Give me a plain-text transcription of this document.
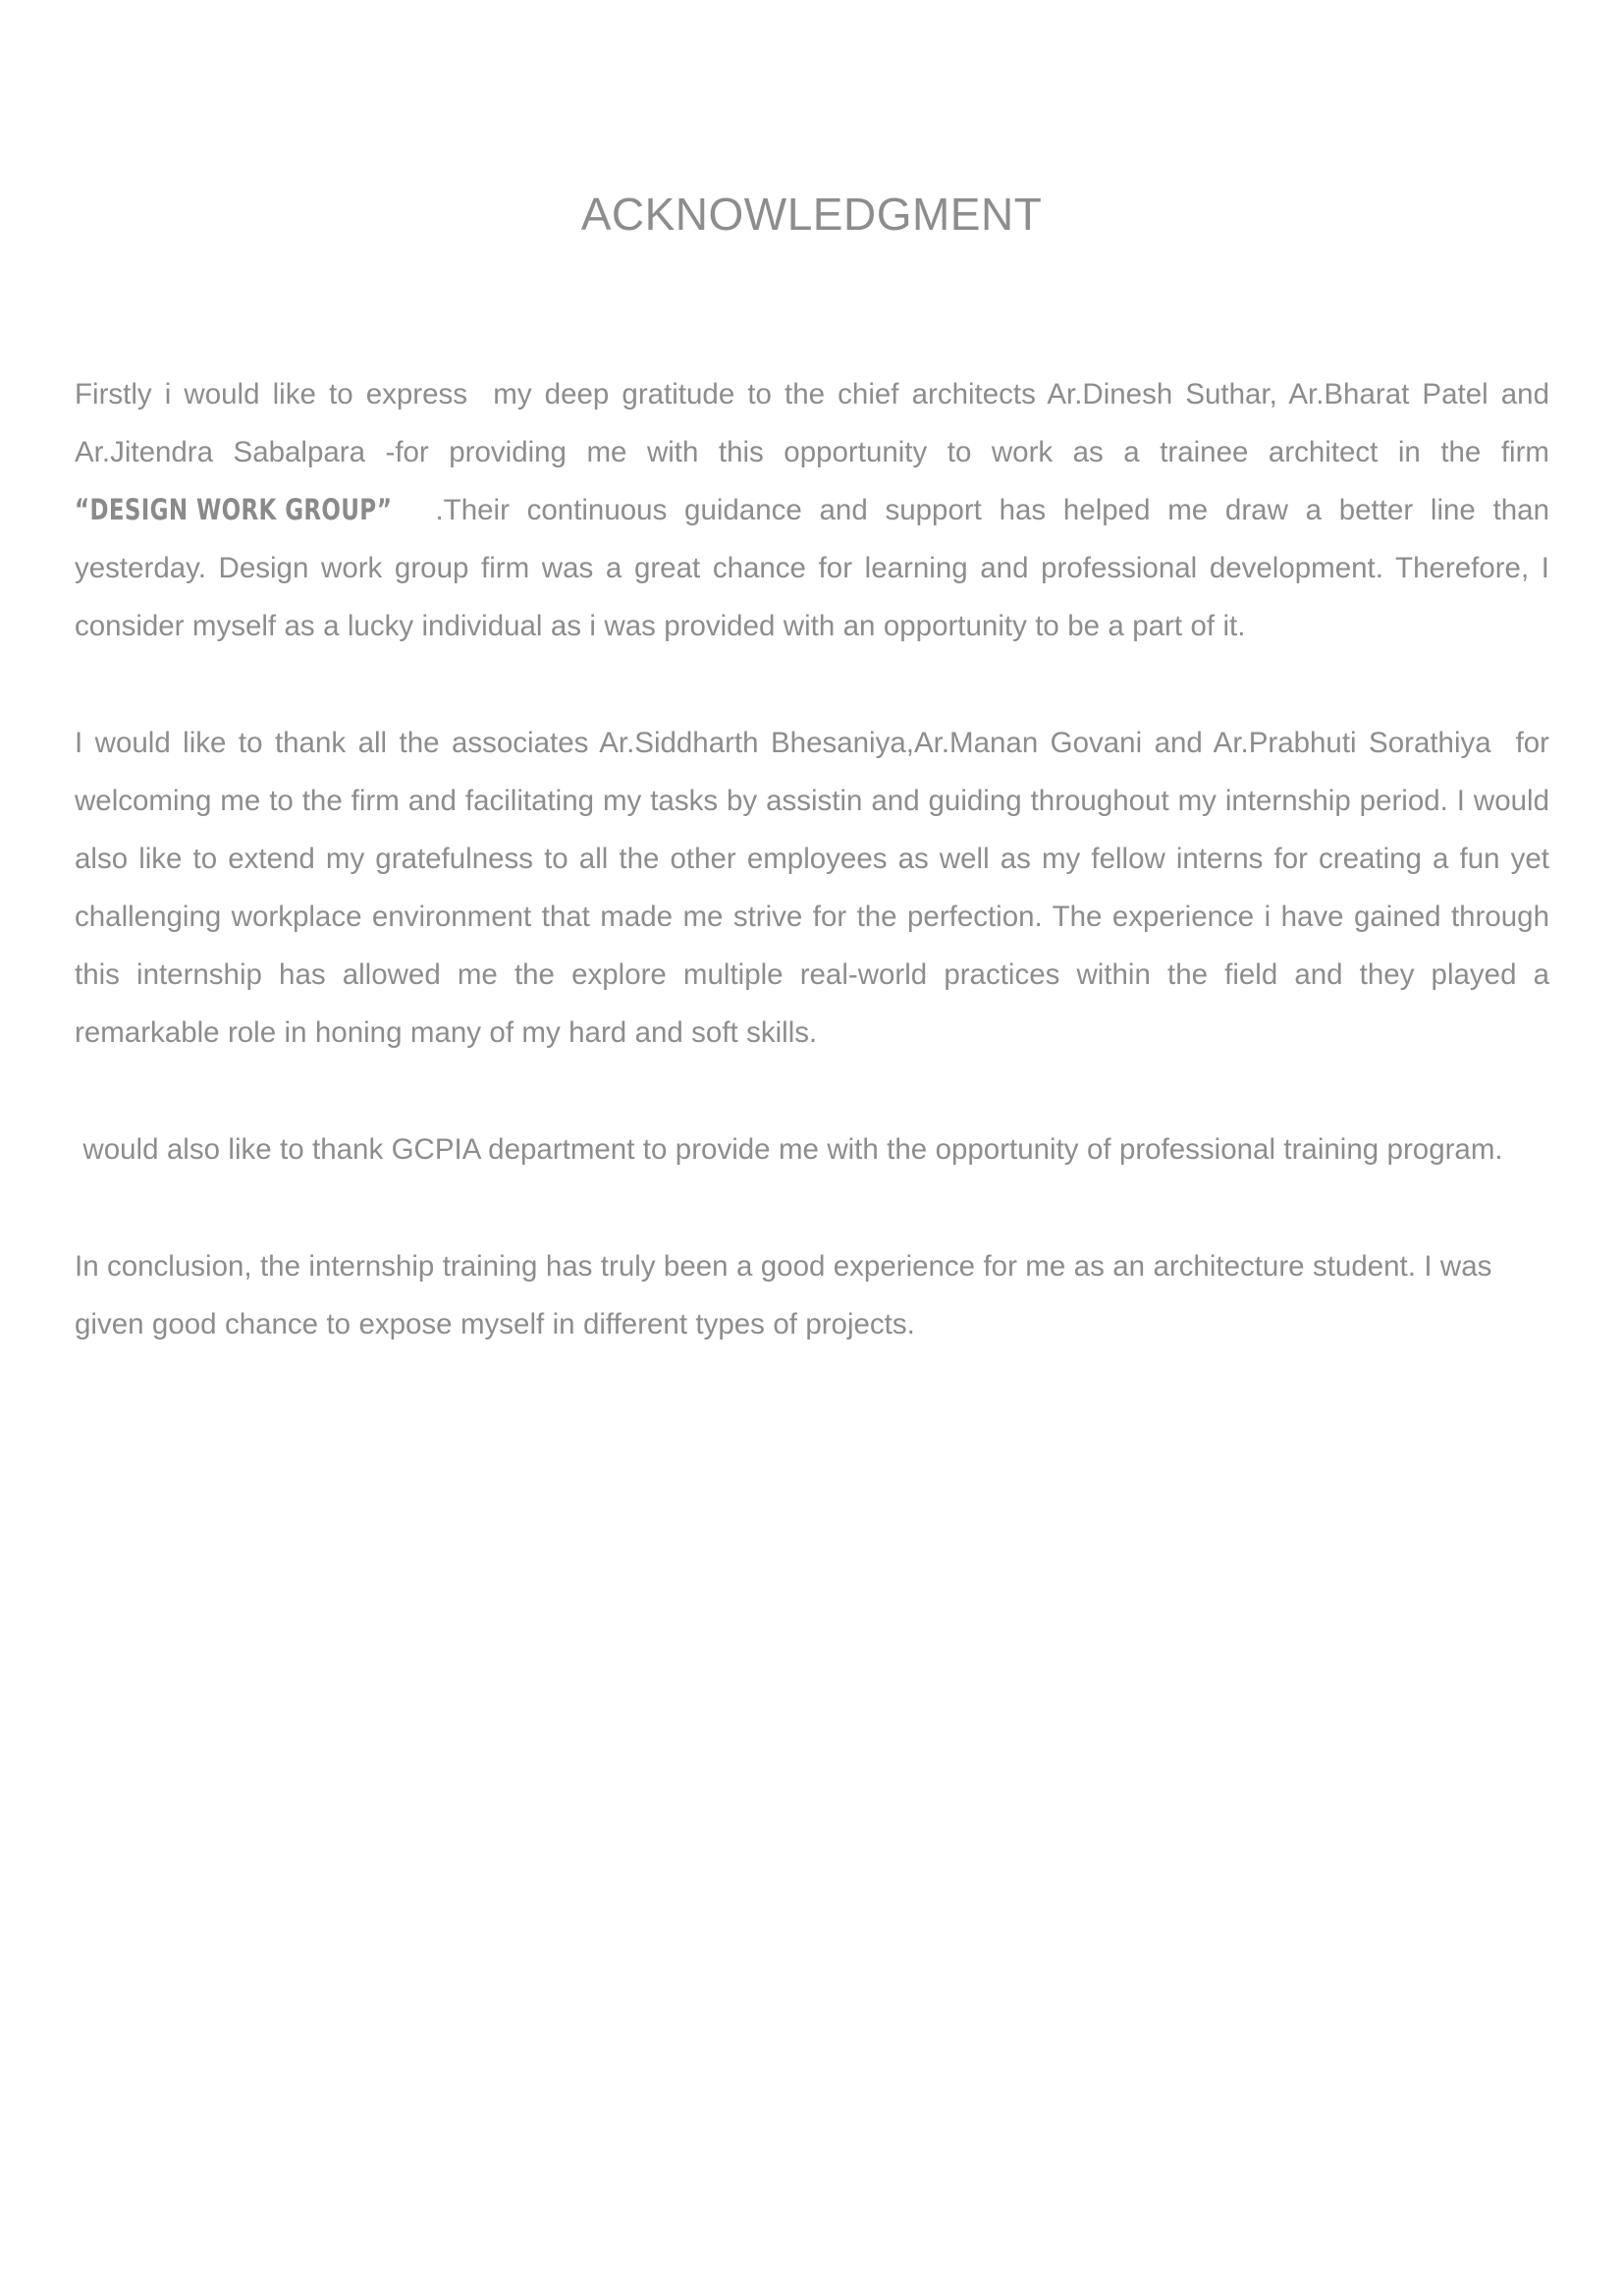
ACKNOWLEDGMENT

Firstly i would like to express  my deep gratitude to the chief architects Ar.Dinesh Suthar, Ar.Bharat Patel and Ar.Jitendra Sabalpara -for providing me with this opportunity to work as a trainee architect in the firm “DESIGN WORK GROUP” .Their continuous guidance and support has helped me draw a better line than yesterday. Design work group firm was a great chance for learning and professional development. Therefore, I consider myself as a lucky individual as i was provided with an opportunity to be a part of it.

I would like to thank all the associates Ar.Siddharth Bhesaniya,Ar.Manan Govani and Ar.Prabhuti Sorathiya  for welcoming me to the firm and facilitating my tasks by assistin and guiding throughout my internship period. I would also like to extend my gratefulness to all the other employees as well as my fellow interns for creating a fun yet challenging workplace environment that made me strive for the perfection. The experience i have gained through this internship has allowed me the explore multiple real-world practices within the field and they played a remarkable role in honing many of my hard and soft skills.

would also like to thank GCPIA department to provide me with the opportunity of professional training program.

In conclusion, the internship training has truly been a good experience for me as an architecture student. I was given good chance to expose myself in different types of projects.
